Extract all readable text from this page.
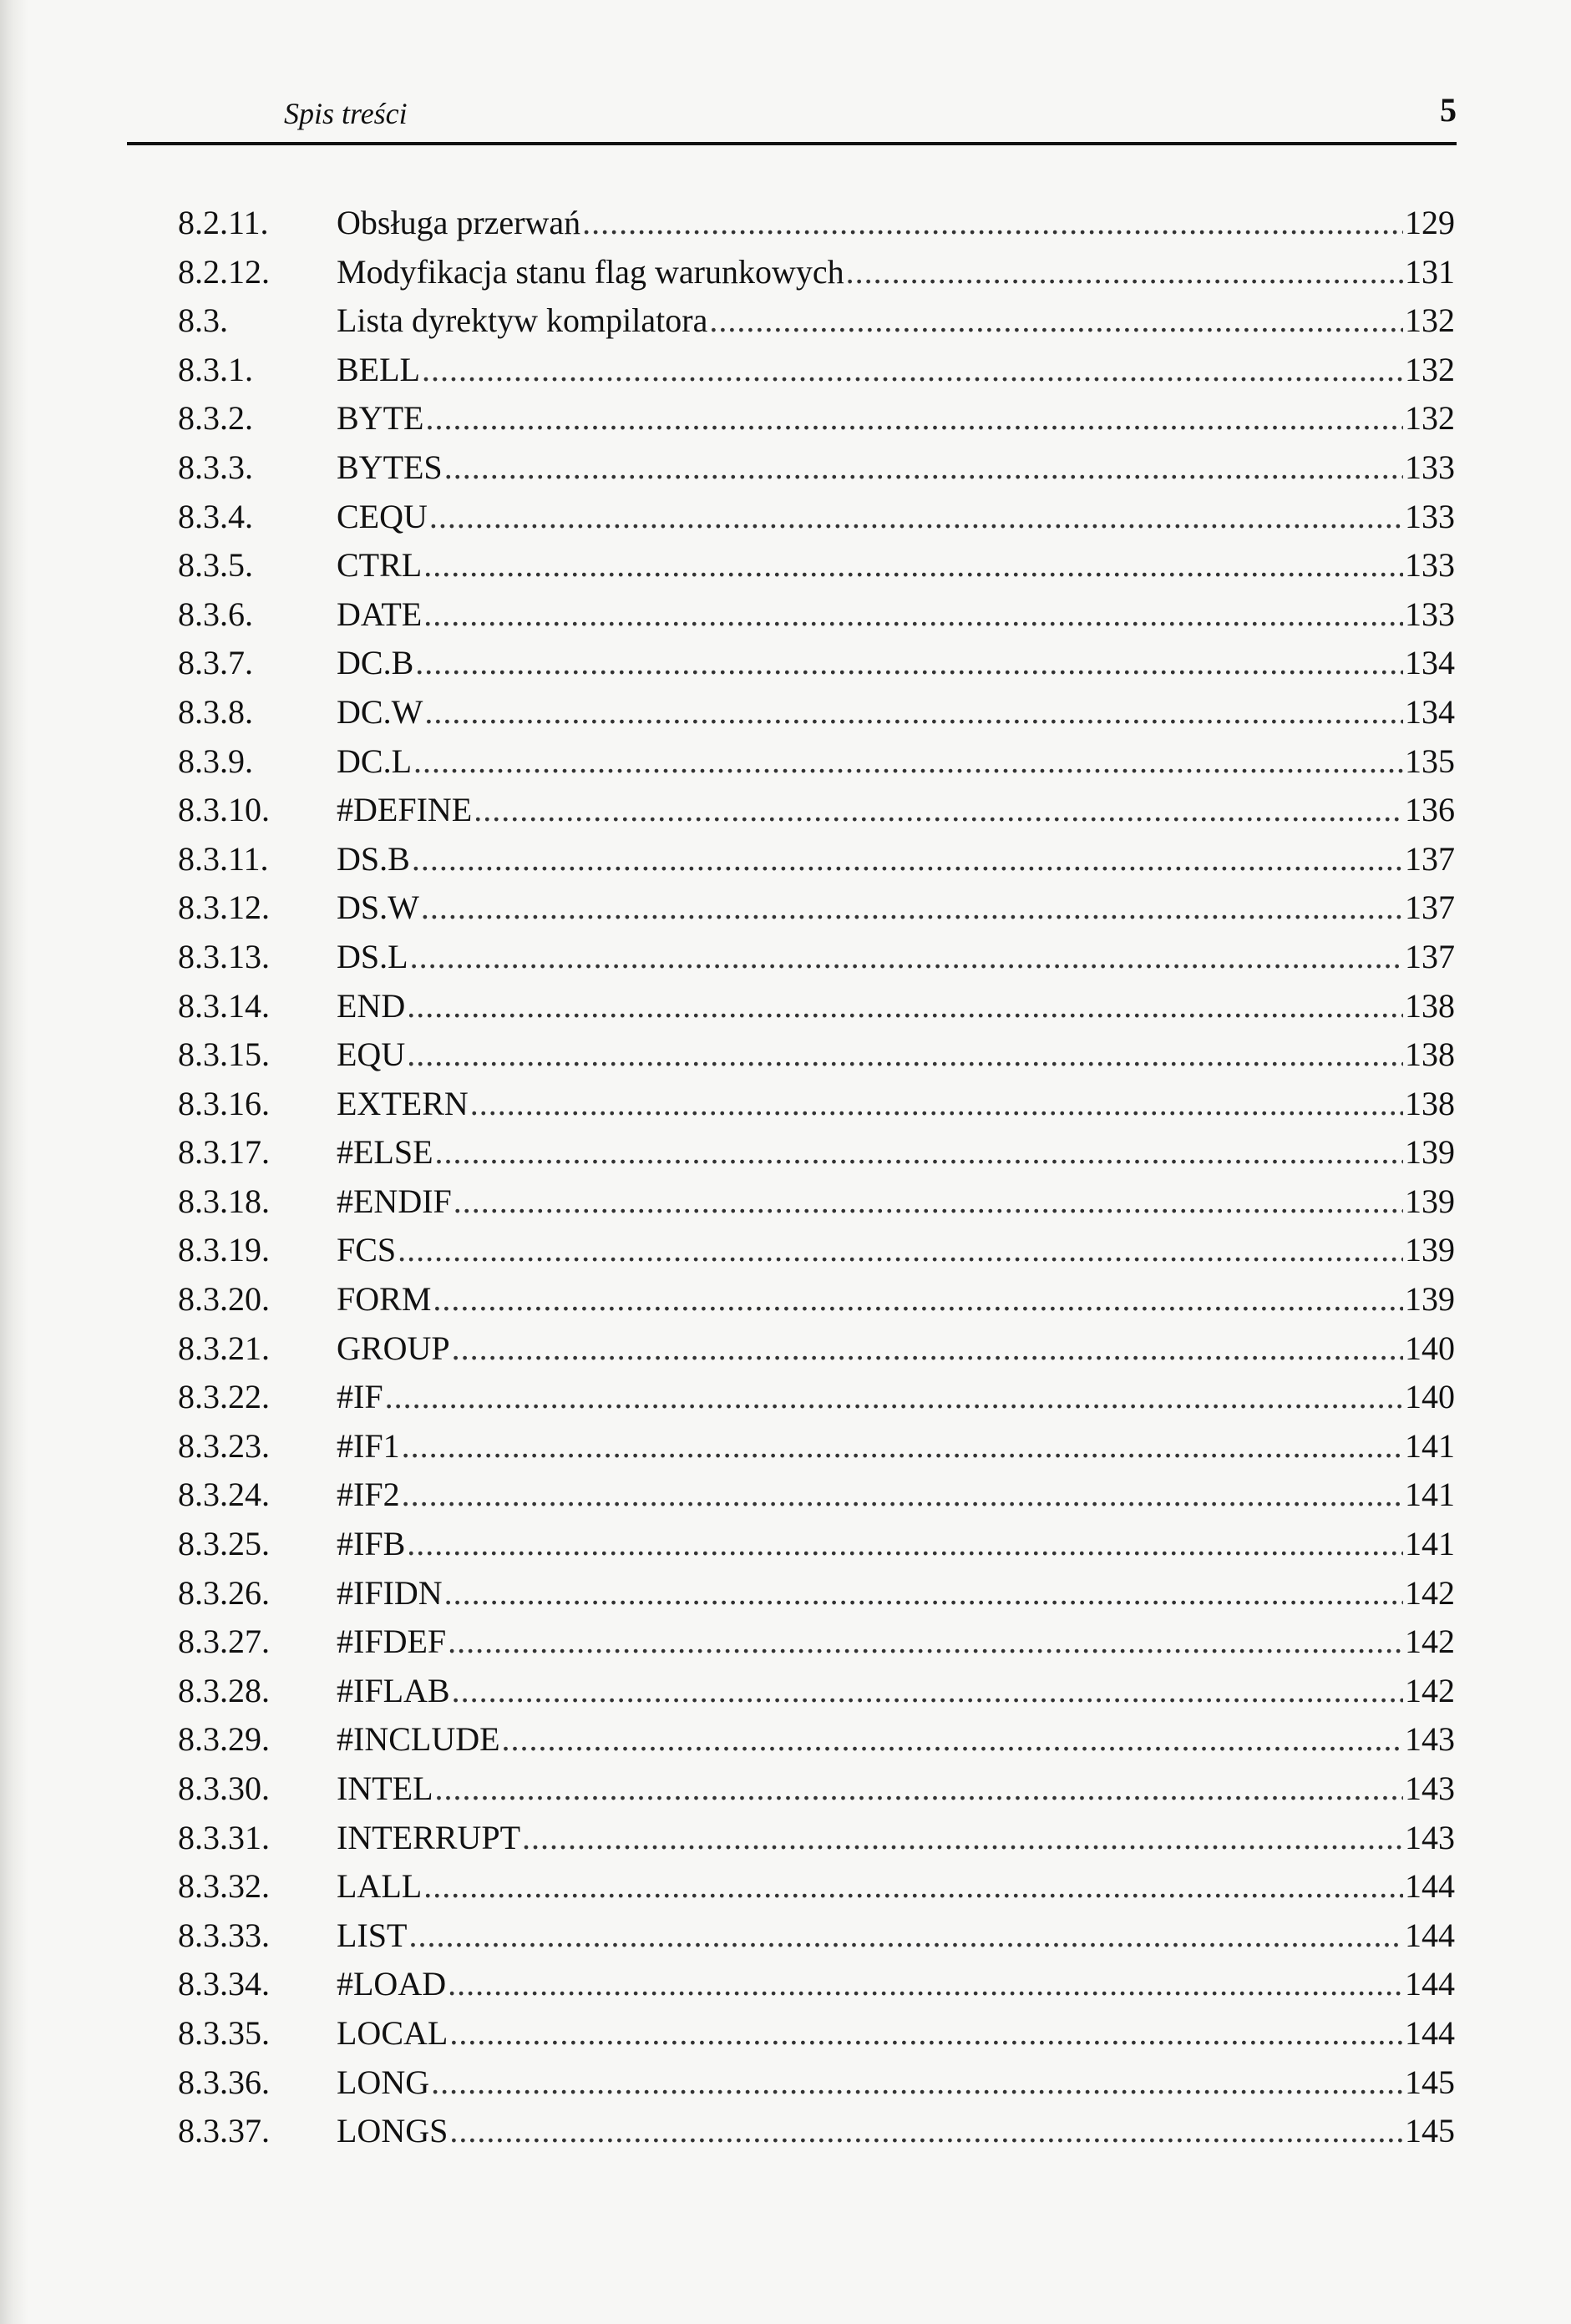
Spis treści	5
8.2.11.	Obsługa przerwań .....	129
8.2.12.	Modyfikacja stanu flag warunkowych .....	131
8.3.	Lista dyrektyw kompilatora .....	132
8.3.1.	BELL .....	132
8.3.2.	BYTE .....	132
8.3.3.	BYTES .....	133
8.3.4.	CEQU .....	133
8.3.5.	CTRL .....	133
8.3.6.	DATE .....	133
8.3.7.	DC.B .....	134
8.3.8.	DC.W .....	134
8.3.9.	DC.L .....	135
8.3.10.	#DEFINE .....	136
8.3.11.	DS.B .....	137
8.3.12.	DS.W .....	137
8.3.13.	DS.L .....	137
8.3.14.	END .....	138
8.3.15.	EQU .....	138
8.3.16.	EXTERN .....	138
8.3.17.	#ELSE .....	139
8.3.18.	#ENDIF .....	139
8.3.19.	FCS .....	139
8.3.20.	FORM .....	139
8.3.21.	GROUP .....	140
8.3.22.	#IF .....	140
8.3.23.	#IF1 .....	141
8.3.24.	#IF2 .....	141
8.3.25.	#IFB .....	141
8.3.26.	#IFIDN .....	142
8.3.27.	#IFDEF .....	142
8.3.28.	#IFLAB .....	142
8.3.29.	#INCLUDE .....	143
8.3.30.	INTEL .....	143
8.3.31.	INTERRUPT .....	143
8.3.32.	LALL .....	144
8.3.33.	LIST .....	144
8.3.34.	#LOAD .....	144
8.3.35.	LOCAL .....	144
8.3.36.	LONG .....	145
8.3.37.	LONGS .....	145
